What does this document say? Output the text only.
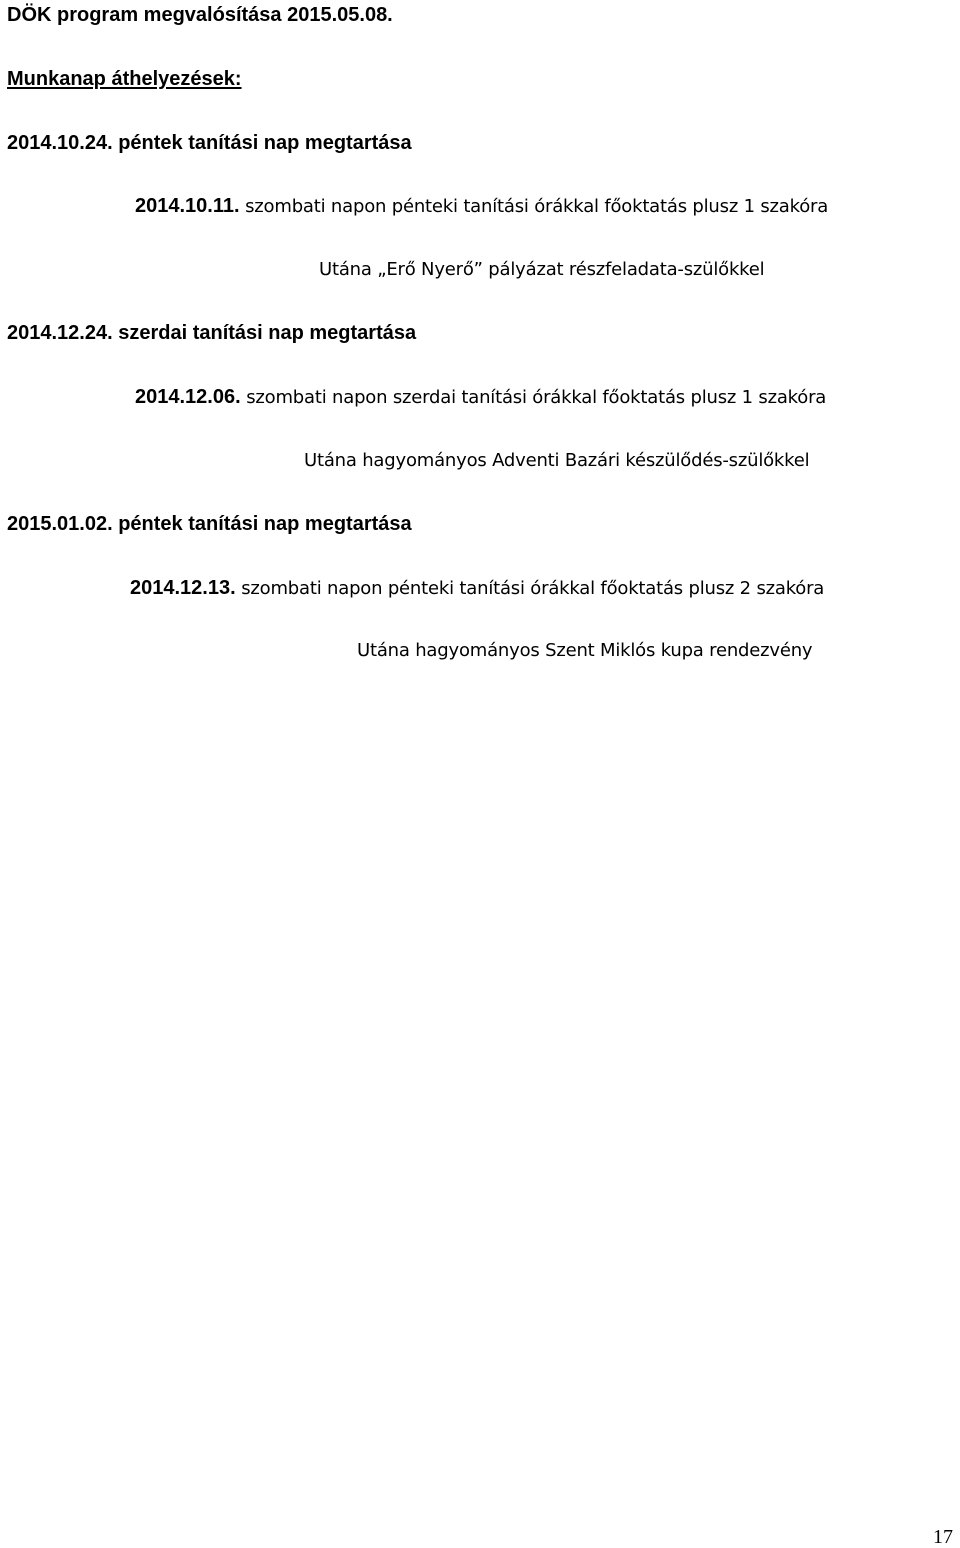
DÖK program megvalósítása 2015.05.08.
Munkanap áthelyezések:
2014.10.24. péntek tanítási nap megtartása
2014.10.11. szombati napon pénteki tanítási órákkal főoktatás plusz 1 szakóra
Utána „Erő Nyerő” pályázat részfeladata-szülőkkel
2014.12.24. szerdai tanítási nap megtartása
2014.12.06. szombati napon szerdai tanítási órákkal főoktatás plusz 1 szakóra
Utána hagyományos Adventi Bazári készülődés-szülőkkel
2015.01.02. péntek tanítási nap megtartása
2014.12.13. szombati napon pénteki tanítási órákkal főoktatás plusz 2 szakóra
Utána hagyományos Szent Miklós kupa rendezvény
17
